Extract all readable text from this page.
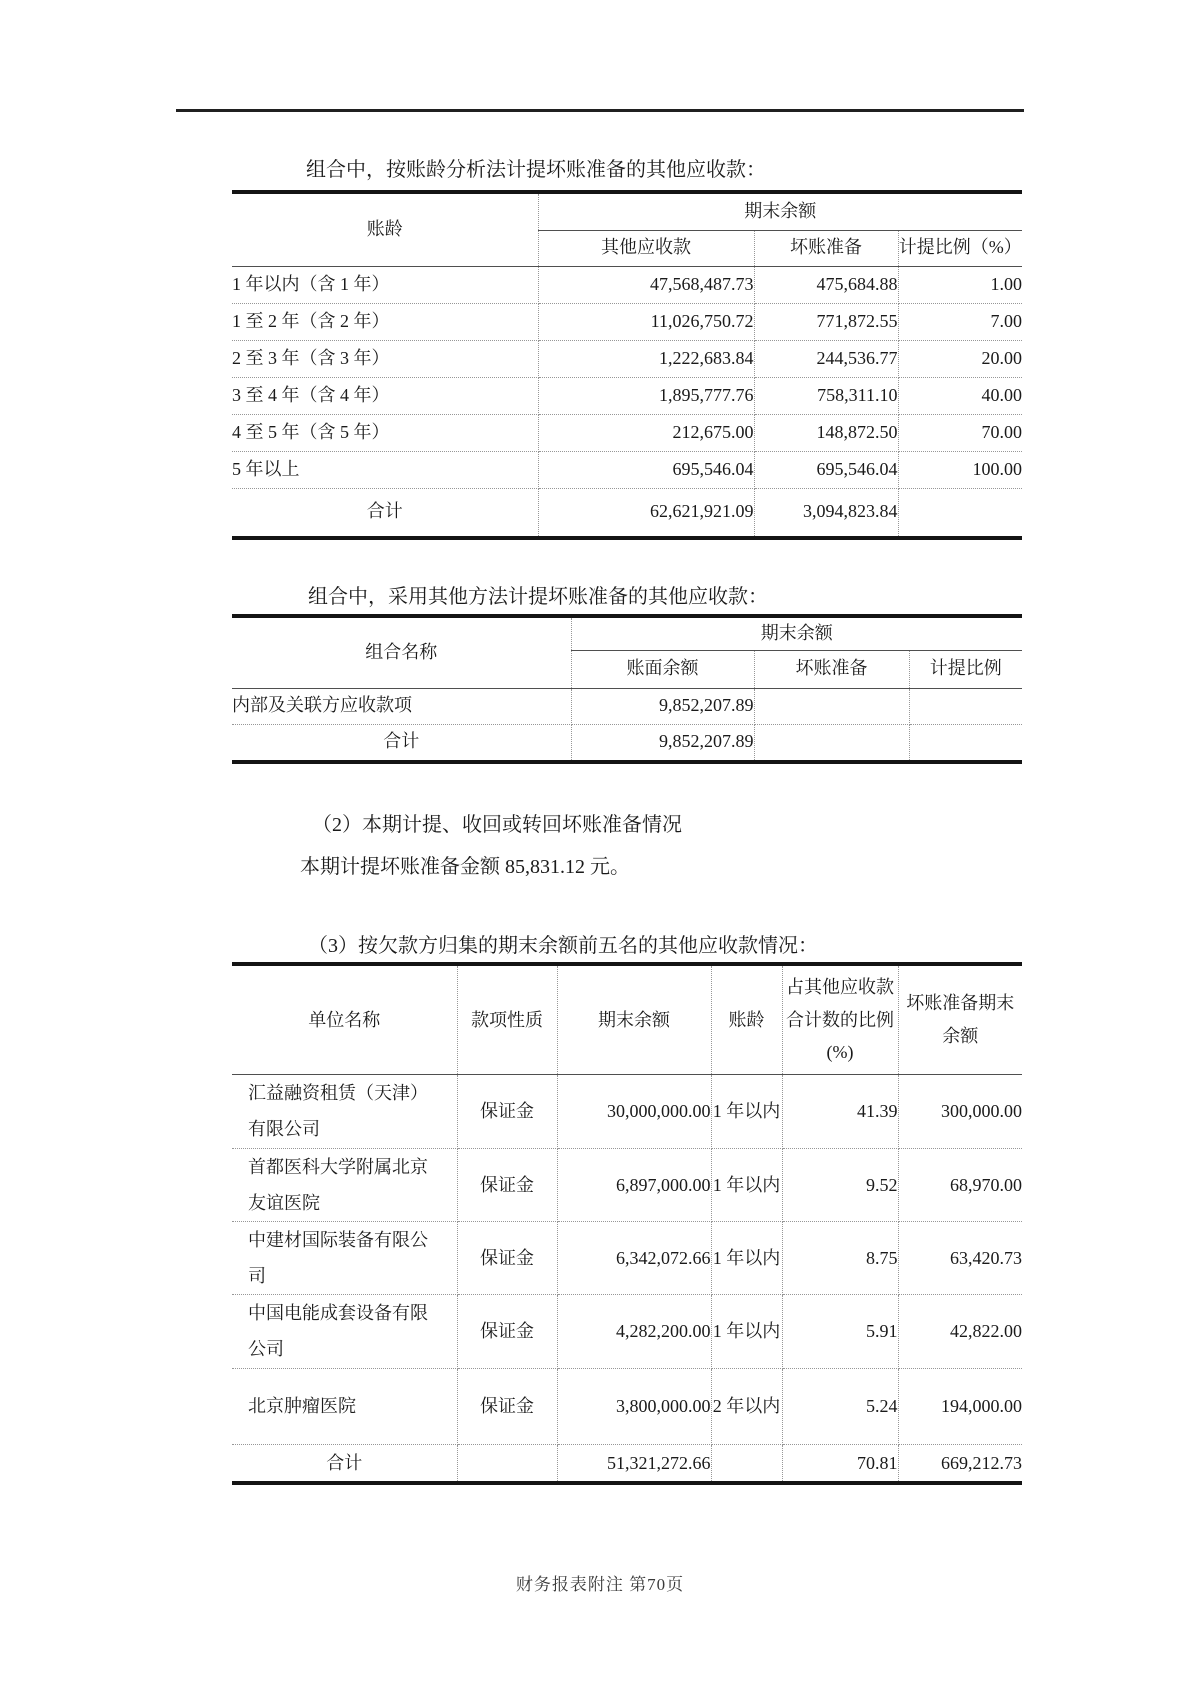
组合中，按账龄分析法计提坏账准备的其他应收款：
账龄	期末余额		
	其他应收款	坏账准备	计提比例（%）
1 年以内（含 1 年）	47,568,487.73	475,684.88	1.00
1 至 2 年（含 2 年）	11,026,750.72	771,872.55	7.00
2 至 3 年（含 3 年）	1,222,683.84	244,536.77	20.00
3 至 4 年（含 4 年）	1,895,777.76	758,311.10	40.00
4 至 5 年（含 5 年）	212,675.00	148,872.50	70.00
5 年以上	695,546.04	695,546.04	100.00
合计	62,621,921.09	3,094,823.84	
组合中，采用其他方法计提坏账准备的其他应收款：
组合名称	期末余额		
	账面余额	坏账准备	计提比例
内部及关联方应收款项	9,852,207.89		
合计	9,852,207.89		
（2）本期计提、收回或转回坏账准备情况
本期计提坏账准备金额 85,831.12 元。
（3）按欠款方归集的期末余额前五名的其他应收款情况：
单位名称	款项性质	期末余额	账龄	占其他应收款合计数的比例(%)	坏账准备期末余额
汇益融资租赁（天津）有限公司	保证金	30,000,000.00	1 年以内	41.39	300,000.00
首都医科大学附属北京友谊医院	保证金	6,897,000.00	1 年以内	9.52	68,970.00
中建材国际装备有限公司	保证金	6,342,072.66	1 年以内	8.75	63,420.73
中国电能成套设备有限公司	保证金	4,282,200.00	1 年以内	5.91	42,822.00
北京肿瘤医院	保证金	3,800,000.00	2 年以内	5.24	194,000.00
合计		51,321,272.66		70.81	669,212.73
财务报表附注 第70页
